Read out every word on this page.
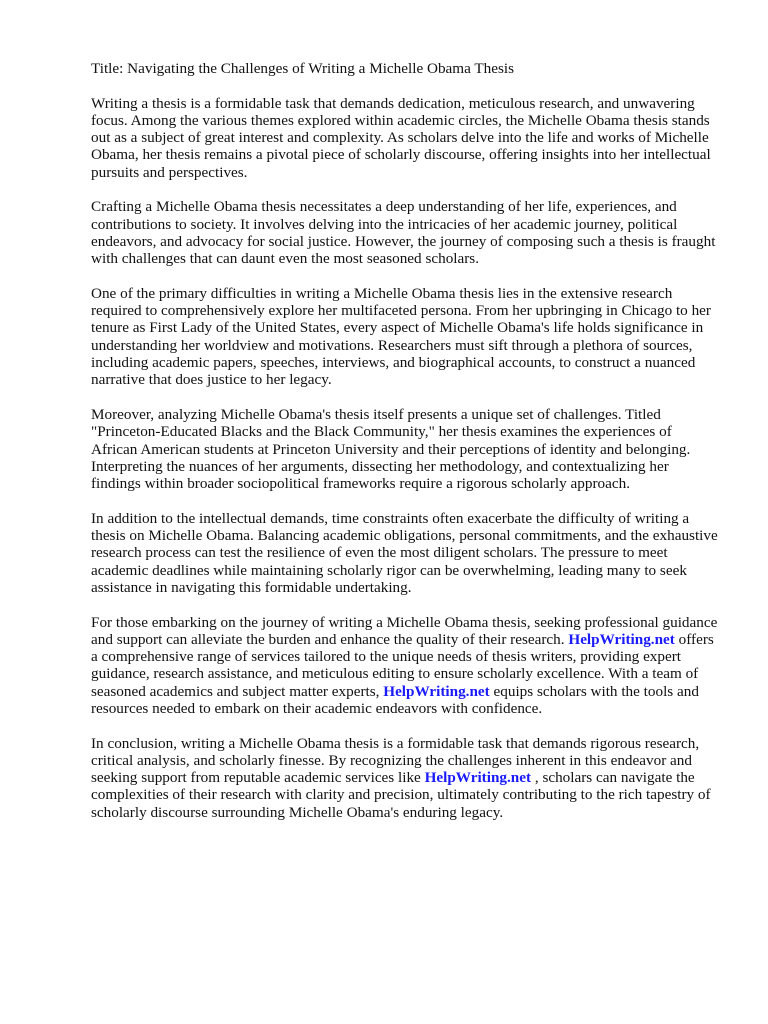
Title: Navigating the Challenges of Writing a Michelle Obama Thesis

Writing a thesis is a formidable task that demands dedication, meticulous research, and unwavering focus. Among the various themes explored within academic circles, the Michelle Obama thesis stands out as a subject of great interest and complexity. As scholars delve into the life and works of Michelle Obama, her thesis remains a pivotal piece of scholarly discourse, offering insights into her intellectual pursuits and perspectives.

Crafting a Michelle Obama thesis necessitates a deep understanding of her life, experiences, and contributions to society. It involves delving into the intricacies of her academic journey, political endeavors, and advocacy for social justice. However, the journey of composing such a thesis is fraught with challenges that can daunt even the most seasoned scholars.

One of the primary difficulties in writing a Michelle Obama thesis lies in the extensive research required to comprehensively explore her multifaceted persona. From her upbringing in Chicago to her tenure as First Lady of the United States, every aspect of Michelle Obama's life holds significance in understanding her worldview and motivations. Researchers must sift through a plethora of sources, including academic papers, speeches, interviews, and biographical accounts, to construct a nuanced narrative that does justice to her legacy.

Moreover, analyzing Michelle Obama's thesis itself presents a unique set of challenges. Titled "Princeton-Educated Blacks and the Black Community," her thesis examines the experiences of African American students at Princeton University and their perceptions of identity and belonging. Interpreting the nuances of her arguments, dissecting her methodology, and contextualizing her findings within broader sociopolitical frameworks require a rigorous scholarly approach.

In addition to the intellectual demands, time constraints often exacerbate the difficulty of writing a thesis on Michelle Obama. Balancing academic obligations, personal commitments, and the exhaustive research process can test the resilience of even the most diligent scholars. The pressure to meet academic deadlines while maintaining scholarly rigor can be overwhelming, leading many to seek assistance in navigating this formidable undertaking.

For those embarking on the journey of writing a Michelle Obama thesis, seeking professional guidance and support can alleviate the burden and enhance the quality of their research. HelpWriting.net offers a comprehensive range of services tailored to the unique needs of thesis writers, providing expert guidance, research assistance, and meticulous editing to ensure scholarly excellence. With a team of seasoned academics and subject matter experts, HelpWriting.net equips scholars with the tools and resources needed to embark on their academic endeavors with confidence.

In conclusion, writing a Michelle Obama thesis is a formidable task that demands rigorous research, critical analysis, and scholarly finesse. By recognizing the challenges inherent in this endeavor and seeking support from reputable academic services like HelpWriting.net , scholars can navigate the complexities of their research with clarity and precision, ultimately contributing to the rich tapestry of scholarly discourse surrounding Michelle Obama's enduring legacy.
